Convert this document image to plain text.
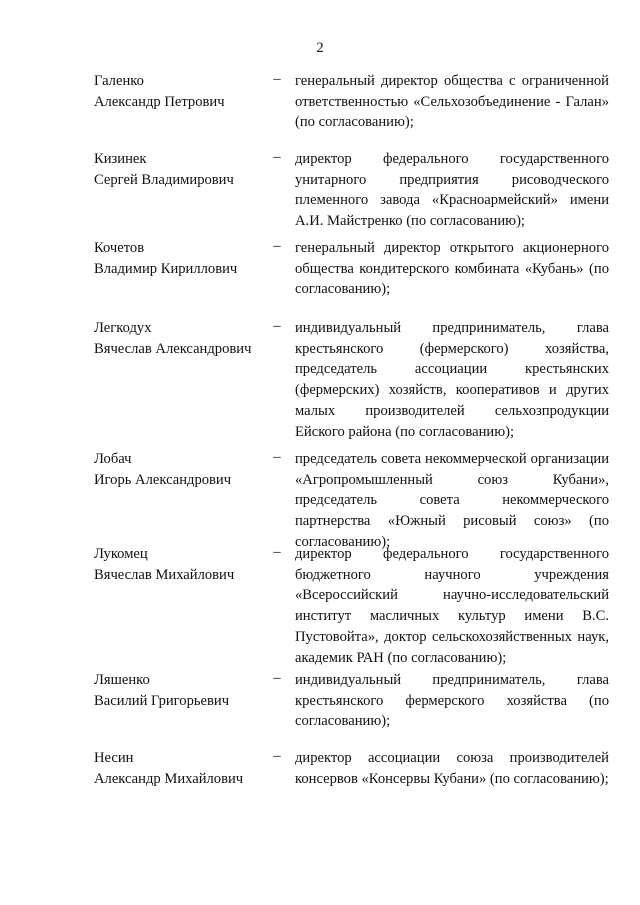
2
Галенко
Александр Петрович
– генеральный директор общества с ограниченной ответственностью «Сельхозобъединение - Галан» (по согласованию);
Кизинек
Сергей Владимирович
– директор федерального государственного унитарного предприятия рисоводческого племенного завода «Красноармейский» имени А.И. Майстренко (по согласованию);
Кочетов
Владимир Кириллович
– генеральный директор открытого акционерного общества кондитерского комбината «Кубань» (по согласованию);
Легкодух
Вячеслав Александрович
– индивидуальный предприниматель, глава крестьянского (фермерского) хозяйства, председатель ассоциации крестьянских (фермерских) хозяйств, кооперативов и других малых производителей сельхозпродукции Ейского района (по согласованию);
Лобач
Игорь Александрович
– председатель совета некоммерческой организации «Агропромышленный союз Кубани», председатель совета некоммерческого партнерства «Южный рисовый союз» (по согласованию);
Лукомец
Вячеслав Михайлович
– директор федерального государственного бюджетного научного учреждения «Всероссийский научно-исследовательский институт масличных культур имени В.С. Пустовойта», доктор сельскохозяйственных наук, академик РАН (по согласованию);
Ляшенко
Василий Григорьевич
– индивидуальный предприниматель, глава крестьянского фермерского хозяйства (по согласованию);
Несин
Александр Михайлович
– директор ассоциации союза производителей консервов «Консервы Кубани» (по согласованию);
